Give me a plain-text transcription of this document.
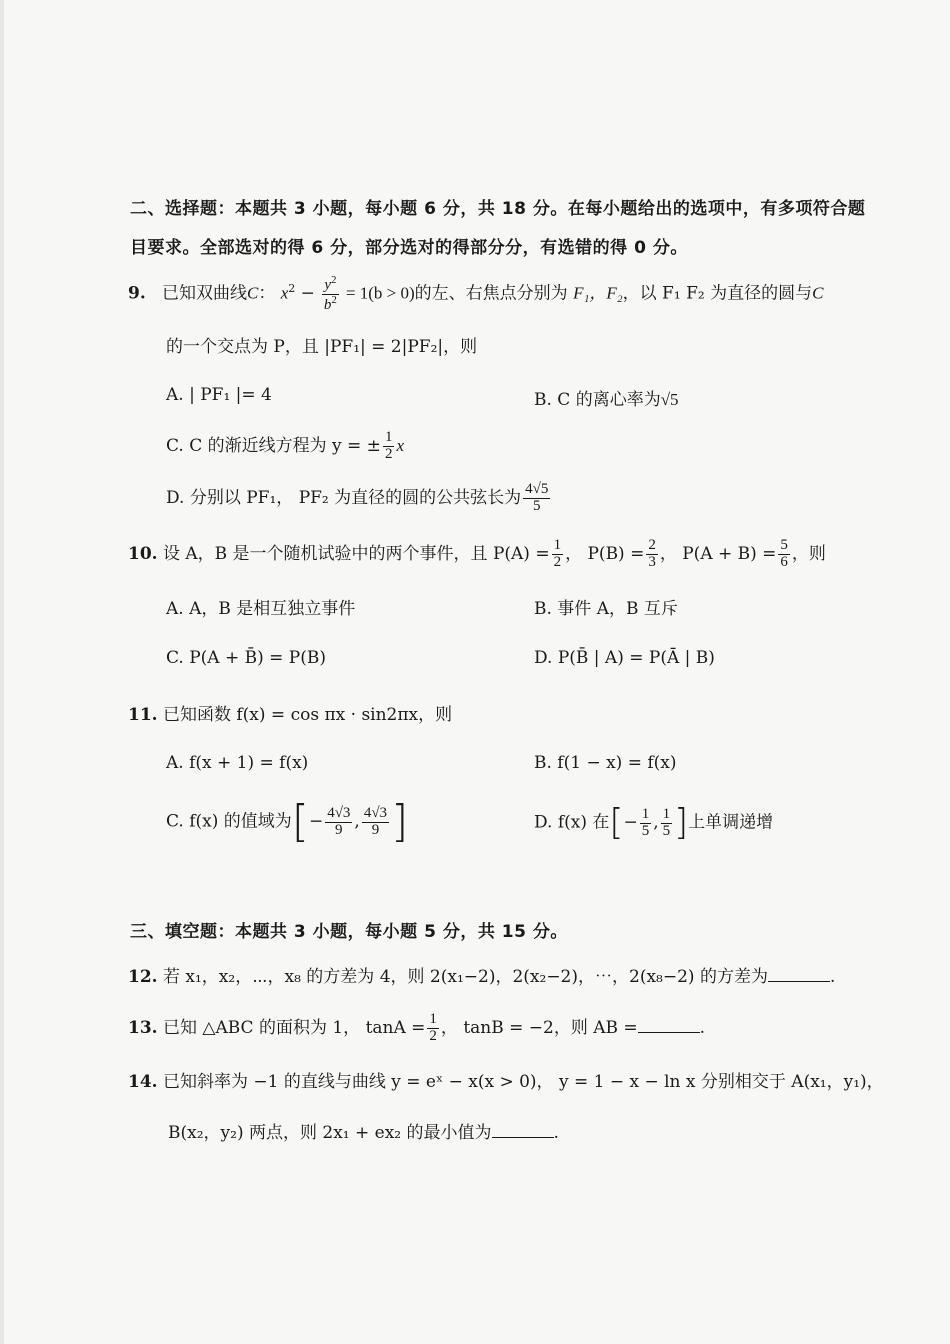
二、选择题：本题共 3 小题，每小题 6 分，共 18 分。在每小题给出的选项中，有多项符合题
目要求。全部选对的得 6 分，部分选对的得部分分，有选错的得 0 分。
9. 已知双曲线C： $x^2 - \frac{y^2}{b^2} = 1(b > 0)$的左、右焦点分别为 F₁，F₂，以 F₁ F₂ 为直径的圆与C
的一个交点为 P，且 |PF₁| = 2|PF₂|，则
A. | PF₁ |= 4	B. C 的离心率为√5
C. C 的渐近线方程为 y = ± $\frac{1}{2}$ x
D. 分别以 PF₁， PF₂ 为直径的圆的公共弦长为 $\frac{4√5}{5}$
10. 设 A，B 是一个随机试验中的两个事件，且 $P(A) = \frac{1}{2}$ ， $P(B) = \frac{2}{3}$ ， $P(A + B) = \frac{5}{6}$ ，则
A. A，B 是相互独立事件	B. 事件 A，B 互斥
C. P(A + B̄) = P(B)	D. P(B̄ | A) = P(Ā | B)
11. 已知函数 f(x) = cos πx · sin2πx，则
A. f(x + 1) = f(x)	B. f(1 − x) = f(x)
C. f(x) 的值域为[− $\frac{4√3}{9}$ , $\frac{4√3}{9}$ ]	D. f(x) 在[− $\frac{1}{5}$ , $\frac{1}{5}$ ]上单调递增
三、填空题：本题共 3 小题，每小题 5 分，共 15 分。
12. 若 x₁，x₂，⋯，x₈ 的方差为 4，则 2(x₁−2)，2(x₂−2)，⋯，2(x₈−2) 的方差为	.
13. 已知 △ABC 的面积为 1， $\tan A = \frac{1}{2}$ ， tanB = −2，则 AB =	.
14. 已知斜率为 −1 的直线与曲线 y = eˣ − x(x > 0)， y = 1 − x − ln x 分别相交于 A(x₁，y₁)，
B(x₂，y₂) 两点，则 2x₁ + ex₂ 的最小值为	.
